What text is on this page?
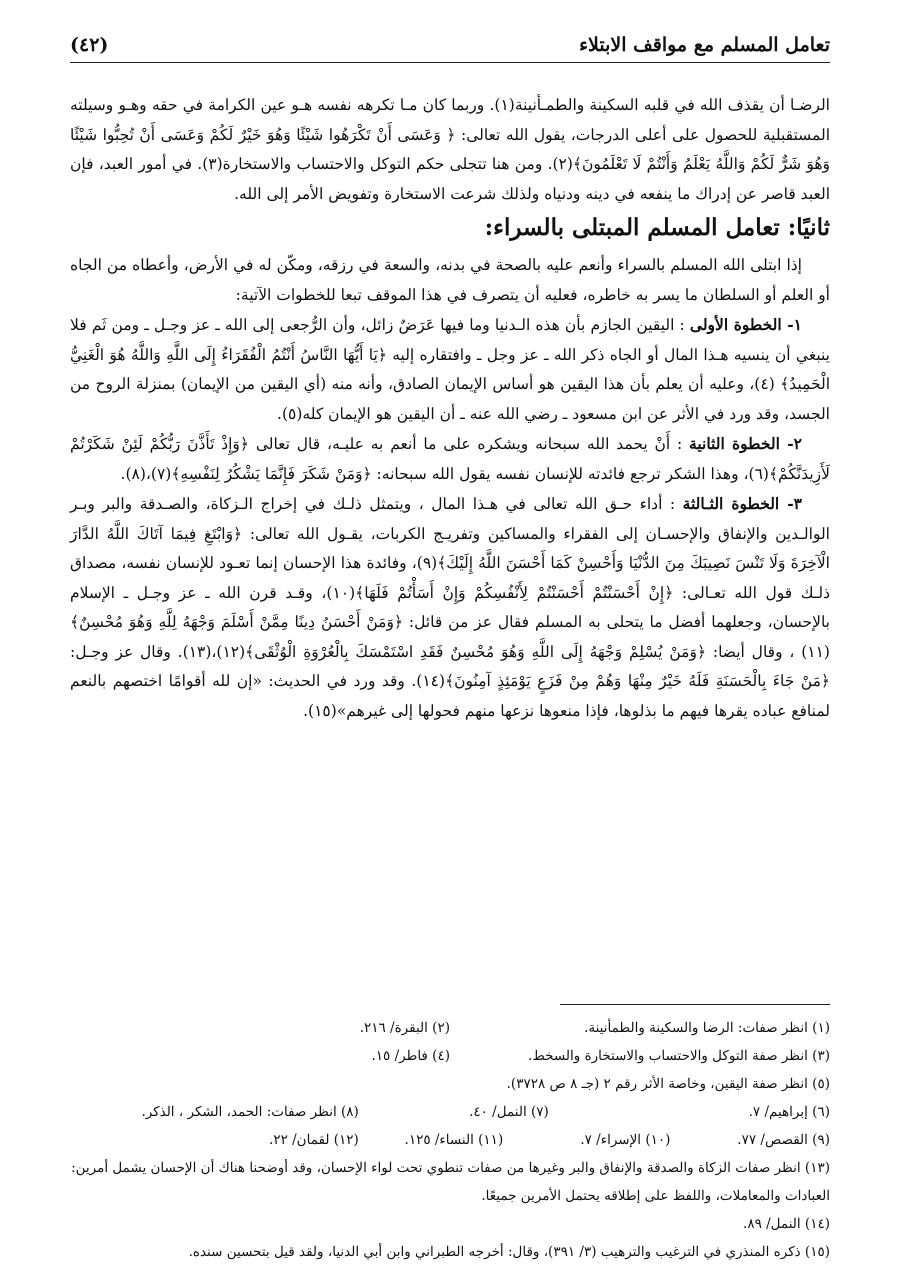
تعامل المسلم مع مواقف الابتلاء
(٤٢)

الرضـا أن يقذف الله في قلبه السكينة والطمـأنينة(١). وربما كان مـا تكرهه نفسه هـو عين الكرامة في حقه وهـو وسيلته المستقبلية للحصول على أعلى الدرجات، يقول الله تعالى: ﴿ وَعَسَى أَنْ تَكْرَهُوا شَيْئًا وَهُوَ خَيْرٌ لَكُمْ وَعَسَى أَنْ تُحِبُّوا شَيْئًا وَهُوَ شَرٌّ لَكُمْ وَاللَّهُ يَعْلَمُ وَأَنْتُمْ لَا تَعْلَمُونَ﴾(٢). ومن هنا تتجلى حكم التوكل والاحتساب والاستخارة(٣). في أمور العبد، فإن العبد قاصر عن إدراك ما ينفعه في دينه ودنياه ولذلك شرعت الاستخارة وتفويض الأمر إلى الله.

ثانيًا: تعامل المسلم المبتلى بالسراء:

إذا ابتلى الله المسلم بالسراء وأنعم عليه بالصحة في بدنه، والسعة في رزقه، ومكّن له في الأرض، وأعطاه من الجاه أو العلم أو السلطان ما يسر به خاطره، فعليه أن يتصرف في هذا الموقف تبعا للخطوات الآتية:

١- الخطوة الأولى : اليقين الجازم بأن هذه الـدنيا وما فيها عَرَضٌ زائل، وأن الرُّجعى إلى الله ـ عز وجـل ـ ومن ثَم فلا ينبغي أن ينسيه هـذا المال أو الجاه ذكر الله ـ عز وجل ـ وافتقاره إليه ﴿يَا أَيُّهَا النَّاسُ أَنْتُمُ الْفُقَرَاءُ إِلَى اللَّهِ وَاللَّهُ هُوَ الْغَنِيُّ الْحَمِيدُ﴾ (٤)، وعليه أن يعلم بأن هذا اليقين هو أساس الإيمان الصادق، وأنه منه (أي اليقين من الإيمان) بمنزلة الروح من الجسد، وقد ورد في الأثر عن ابن مسعود ـ رضي الله عنه ـ أن اليقين هو الإيمان كله(٥).

٢- الخطوة الثانية : أَنْ يحمد الله سبحانه ويشكره على ما أنعم به عليـه، قال تعالى ﴿وَإِذْ تَأَذَّنَ رَبُّكُمْ لَئِنْ شَكَرْتُمْ لَأَزِيدَنَّكُمْ﴾(٦)، وهذا الشكر ترجع فائدته للإنسان نفسه يقول الله سبحانه: ﴿وَمَنْ شَكَرَ فَإِنَّمَا يَشْكُرُ لِنَفْسِهِ﴾(٧)،(٨).

٣- الخطوة الثـالثة : أداء حـق الله تعالى في هـذا المال ، ويتمثل ذلـك في إخراج الـزكاة، والصـدقة والبر وبـر الوالـدين والإنفاق والإحسـان إلى الفقراء والمساكين وتفريـج الكربات، يقـول الله تعالى: ﴿وَابْتَغِ فِيمَا آتَاكَ اللَّهُ الدَّارَ الْآخِرَةَ وَلَا تَنْسَ نَصِيبَكَ مِنَ الدُّنْيَا وَأَحْسِنْ كَمَا أَحْسَنَ اللَّهُ إِلَيْكَ﴾(٩)، وفائدة هذا الإحسان إنما تعـود للإنسان نفسه، مصداق ذلـك قول الله تعـالى: ﴿إِنْ أَحْسَنْتُمْ أَحْسَنْتُمْ لِأَنْفُسِكُمْ وَإِنْ أَسَأْتُمْ فَلَهَا﴾(١٠)، وقـد قرن الله ـ عز وجـل ـ الإسلام بالإحسان، وجعلهما أفضل ما يتحلى به المسلم فقال عز من قائل: ﴿وَمَنْ أَحْسَنُ دِينًا مِمَّنْ أَسْلَمَ وَجْهَهُ لِلَّهِ وَهُوَ مُحْسِنٌ﴾(١١) ، وقال أيضا: ﴿وَمَنْ يُسْلِمْ وَجْهَهُ إِلَى اللَّهِ وَهُوَ مُحْسِنٌ فَقَدِ اسْتَمْسَكَ بِالْعُرْوَةِ الْوُثْقَى﴾(١٢)،(١٣). وقال عز وجـل: ﴿مَنْ جَاءَ بِالْحَسَنَةِ فَلَهُ خَيْرٌ مِنْهَا وَهُمْ مِنْ فَزَعٍ يَوْمَئِذٍ آمِنُونَ﴾(١٤). وقد ورد في الحديث: «إن لله أقوامًا اختصهم بالنعم لمنافع عباده يقرها فيهم ما بذلوها، فإذا منعوها نزعها منهم فحولها إلى غيرهم»(١٥).

(١) انظر صفات: الرضا والسكينة والطمأنينة.
(٢) البقرة/ ٢١٦.
(٣) انظر صفة التوكل والاحتساب والاستخارة والسخط.
(٤) فاطر/ ١٥.
(٥) انظر صفة اليقين، وخاصة الأثر رقم ٢ (جـ ٨ ص ٣٧٢٨).
(٦) إبراهيم/ ٧.
(٧) النمل/ ٤٠.
(٨) انظر صفات: الحمد، الشكر ، الذكر.
(٩) القصص/ ٧٧.
(١٠) الإسراء/ ٧.
(١١) النساء/ ١٢٥.
(١٢) لقمان/ ٢٢.
(١٣) انظر صفات الزكاة والصدقة والإنفاق والبر وغيرها من صفات تنطوي تحت لواء الإحسان، وقد أوضحنا هناك أن الإحسان يشمل أمرين: العبادات والمعاملات، واللفظ على إطلاقه يحتمل الأمرين جميعًا.
(١٤) النمل/ ٨٩.
(١٥) ذكره المنذري في الترغيب والترهيب (٣/ ٣٩١)، وقال: أخرجه الطبراني وابن أبي الدنيا، ولقد قيل بتحسين سنده.
